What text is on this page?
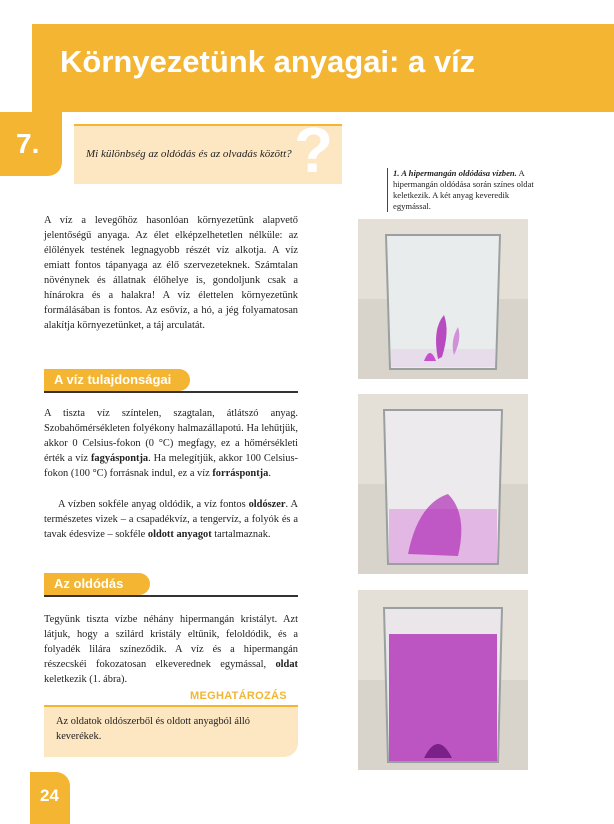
Környezetünk anyagai: a víz
7.	Mi különbség az oldódás és az olvadás között? ?	1. A hipermangán oldódása vízben. A hipermangán oldódása során színes oldat keletkezik. A két anyag keveredik egymással.

A víz a levegőhöz hasonlóan környezetünk alapvető jelentőségű anyaga. Az élet elképzelhetetlen nélküle: az élőlények testének legnagyobb részét víz alkotja. A víz emiatt fontos tápanyaga az élő szervezeteknek. Számtalan növénynek és állatnak élőhelye is, gondoljunk csak a hínárokra és a halakra! A víz élettelen környezetünk formálásában is fontos. Az esővíz, a hó, a jég folyamatosan alakítja környezetünket, a táj arculatát.

A víz tulajdonságai

A tiszta víz színtelen, szagtalan, átlátszó anyag. Szobahőmérsékleten folyékony halmazállapotú. Ha lehűtjük, akkor 0 Celsius-fokon (0 °C) megfagy, ez a hőmérsékleti érték a víz fagyáspontja. Ha melegítjük, akkor 100 Celsius-fokon (100 °C) forrásnak indul, ez a víz forráspontja.

A vízben sokféle anyag oldódik, a víz fontos oldószer. A természetes vizek – a csapadékvíz, a tengervíz, a folyók és a tavak édesvize – sokféle oldott anyagot tartalmaznak.

Az oldódás

Tegyünk tiszta vízbe néhány hipermangán kristályt. Azt látjuk, hogy a szilárd kristály eltűnik, feloldódik, és a folyadék lilára színeződik. A víz és a hipermangán részecskéi fokozatosan elkeverednek egymással, oldat keletkezik (1. ábra).

MEGHATÁROZÁS
Az oldatok oldószerből és oldott anyagból álló keverékek.
24
